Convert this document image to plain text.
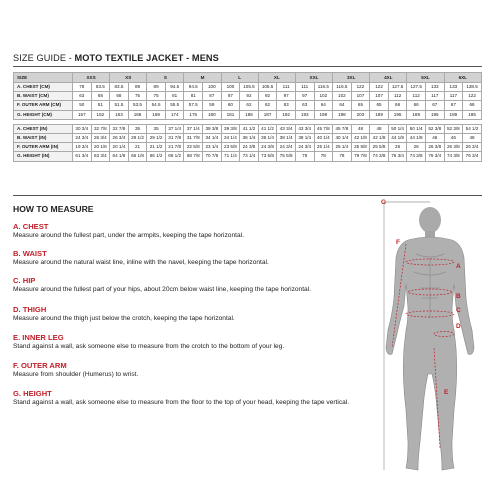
SIZE GUIDE - MOTO TEXTILE JACKET - MENS
SIZE	XXS		XS		S		M		L		XL		XXL		3XL		4XL		5XL		6XL	
A. CHEST (CM)	78	83.5	83.5	89	89	94.5	94.5	100	100	105.5	105.5	111	111	116.5	116.5	122	122	127.5	127.5	133	133	138.5
B. WAIST (CM)	63	68	68	75	75	81	81	87	87	92	92	97	97	102	102	107	107	112	112	117	117	122
F. OUTER ARM (CM)	50	51	51.5	53.5	54.5	55.5	57.5	59	60	62	62	63	63	64	64	65	65	66	66	67	67	68
G. HEIGHT (CM)	157	162	163	168	169	174	175	180	181	186	187	192	193	198	198	203	189	195	189	195	189	195

A. CHEST (IN)	30 3/4	32 7/8	32 7/8	35	35	37 1/4	37 1/4	39 3/8	39 3/8	41 1/2	41 1/2	43 3/4	43 3/4	45 7/8	45 7/8	48	48	50 1/4	50 1/4	52 3/8	52 3/8	54 1/2
B. WAIST (IN)	24 3/4	26 3/4	26 3/4	29 1/2	29 1/2	31 7/8	31 7/8	34 1/4	34 1/4	36 1/4	36 1/4	38 1/4	38 1/4	40 1/4	40 1/4	42 1/8	42 1/8	44 1/8	44 1/8	46	46	48
F. OUTER ARM (IN)	19 3/4	20 1/8	20 1/4	21	21 1/2	21 7/8	22 5/8	23 1/4	23 5/8	24 3/8	24 3/8	24 3/4	24 3/4	25 1/4	25 1/4	25 5/8	25 5/8	26	26	26 3/8	26 3/8	26 3/4
G. HEIGHT (IN)	61 3/4	63 3/4	64 1/8	66 1/8	66 1/2	68 1/2	68 7/8	70 7/8	71 1/4	73 1/4	73 5/8	75 5/8	76	78	78	79 7/8	74 3/8	76 3/4	74 3/8	76 3/4	74 3/8	76 3/4
HOW TO MEASURE
A. CHEST
Measure around the fullest part, under the armpits, keeping the tape horizontal.
B. WAIST
Measure around the natural waist line, inline with the navel, keeping the tape horizontal.
C. HIP
Measure around the fullest part of your hips, about 20cm below waist line, keeping the tape horizontal.
D. THIGH
Measure around the thigh just below the crotch, keeping the tape horizontal.
E. INNER LEG
Stand against a wall, ask someone else to measure from the crotch to the bottom of your leg.
F. OUTER ARM
Measure from shoulder (Humerus) to wrist.
G. HEIGHT
Stand against a wall, ask someone else to measure from the floor to the top of your head, keeping the tape vertical.
G
F
A
B
C
D
E
